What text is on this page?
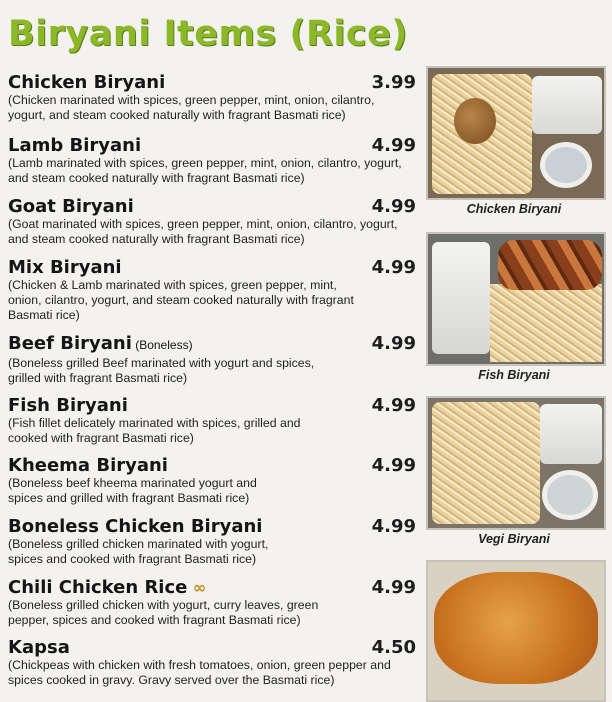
Biryani Items (Rice)
Chicken Biryani	3.99
(Chicken marinated with spices, green pepper, mint, onion, cilantro, yogurt, and steam cooked naturally with fragrant Basmati rice)
Lamb Biryani	4.99
(Lamb marinated with spices, green pepper, mint, onion, cilantro, yogurt, and steam cooked naturally with fragrant Basmati rice)
Goat Biryani	4.99
(Goat marinated with spices, green pepper, mint, onion, cilantro, yogurt, and steam cooked naturally with fragrant Basmati rice)
Mix Biryani	4.99
(Chicken & Lamb marinated with spices, green pepper, mint, onion, cilantro, yogurt, and steam cooked naturally with fragrant Basmati rice)
Beef Biryani (Boneless)	4.99
(Boneless grilled Beef marinated with yogurt and spices, grilled with fragrant Basmati rice)
Fish Biryani	4.99
(Fish fillet delicately marinated with spices, grilled and cooked with fragrant Basmati rice)
Kheema Biryani	4.99
(Boneless beef kheema marinated yogurt and spices and grilled with fragrant Basmati rice)
Boneless Chicken Biryani	4.99
(Boneless grilled chicken marinated with yogurt, spices and cooked with fragrant Basmati rice)
Chili Chicken Rice ∞	4.99
(Boneless grilled chicken with yogurt, curry leaves, green pepper, spices and cooked with fragrant Basmati rice)
Kapsa	4.50
(Chickpeas with chicken with fresh tomatoes, onion, green pepper and spices cooked in gravy. Gravy served over the Basmati rice)
Chicken Biryani
Fish Biryani
Vegi Biryani
